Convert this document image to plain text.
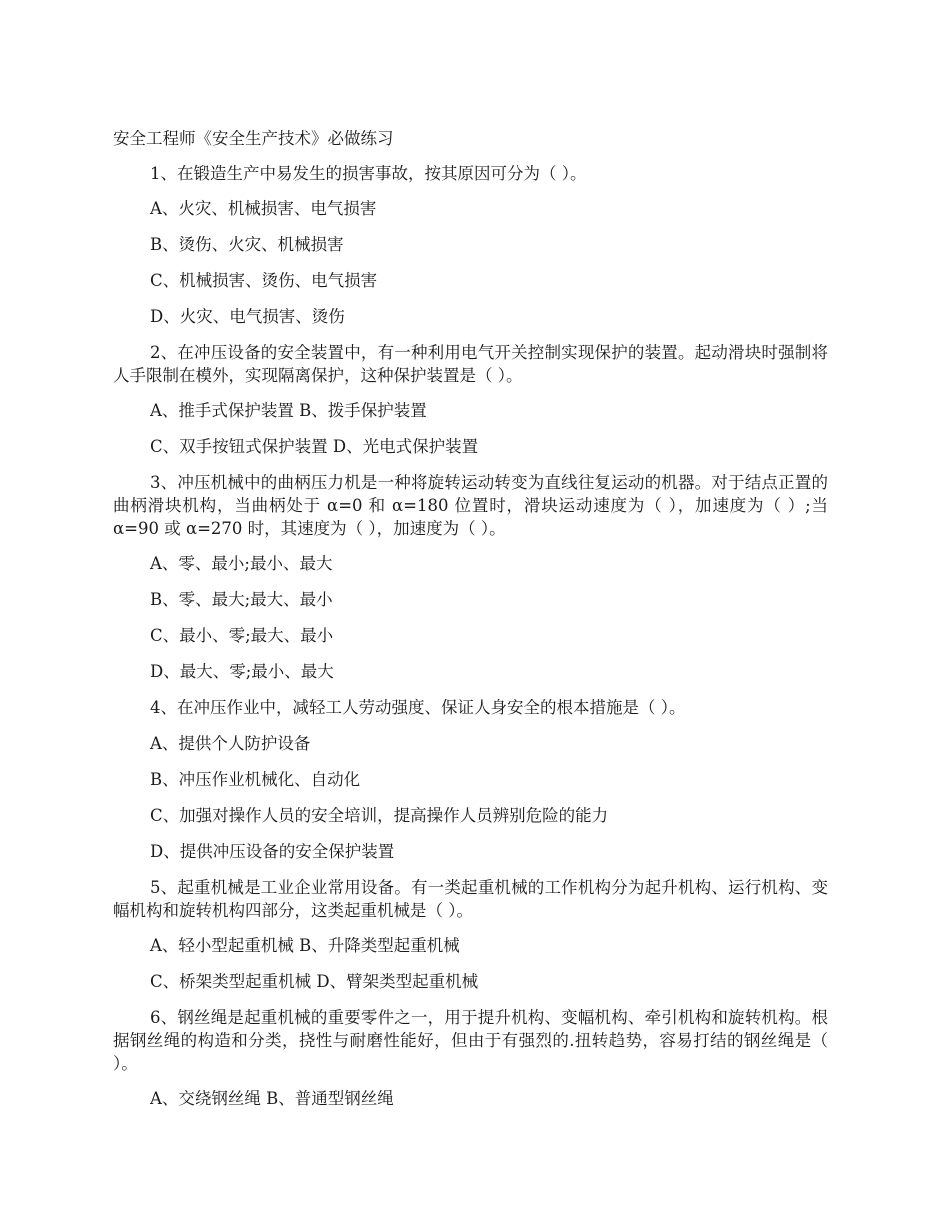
安全工程师《安全生产技术》必做练习
1、在锻造生产中易发生的损害事故，按其原因可分为（ ）。
A、火灾、机械损害、电气损害
B、烫伤、火灾、机械损害
C、机械损害、烫伤、电气损害
D、火灾、电气损害、烫伤
2、在冲压设备的安全装置中，有一种利用电气开关控制实现保护的装置。起动滑块时强制将人手限制在模外，实现隔离保护，这种保护装置是（ ）。
A、推手式保护装置 B、拨手保护装置
C、双手按钮式保护装置 D、光电式保护装置
3、冲压机械中的曲柄压力机是一种将旋转运动转变为直线往复运动的机器。对于结点正置的曲柄滑块机构，当曲柄处于 α=0 和 α=180 位置时，滑块运动速度为（ ），加速度为（ ）;当 α=90 或 α=270 时，其速度为（ ），加速度为（ ）。
A、零、最小;最小、最大
B、零、最大;最大、最小
C、最小、零;最大、最小
D、最大、零;最小、最大
4、在冲压作业中，减轻工人劳动强度、保证人身安全的根本措施是（ ）。
A、提供个人防护设备
B、冲压作业机械化、自动化
C、加强对操作人员的安全培训，提高操作人员辨别危险的能力
D、提供冲压设备的安全保护装置
5、起重机械是工业企业常用设备。有一类起重机械的工作机构分为起升机构、运行机构、变幅机构和旋转机构四部分，这类起重机械是（ ）。
A、轻小型起重机械 B、升降类型起重机械
C、桥架类型起重机械 D、臂架类型起重机械
6、钢丝绳是起重机械的重要零件之一，用于提升机构、变幅机构、牵引机构和旋转机构。根据钢丝绳的构造和分类，挠性与耐磨性能好，但由于有强烈的.扭转趋势，容易打结的钢丝绳是（ ）。
A、交绕钢丝绳 B、普通型钢丝绳
